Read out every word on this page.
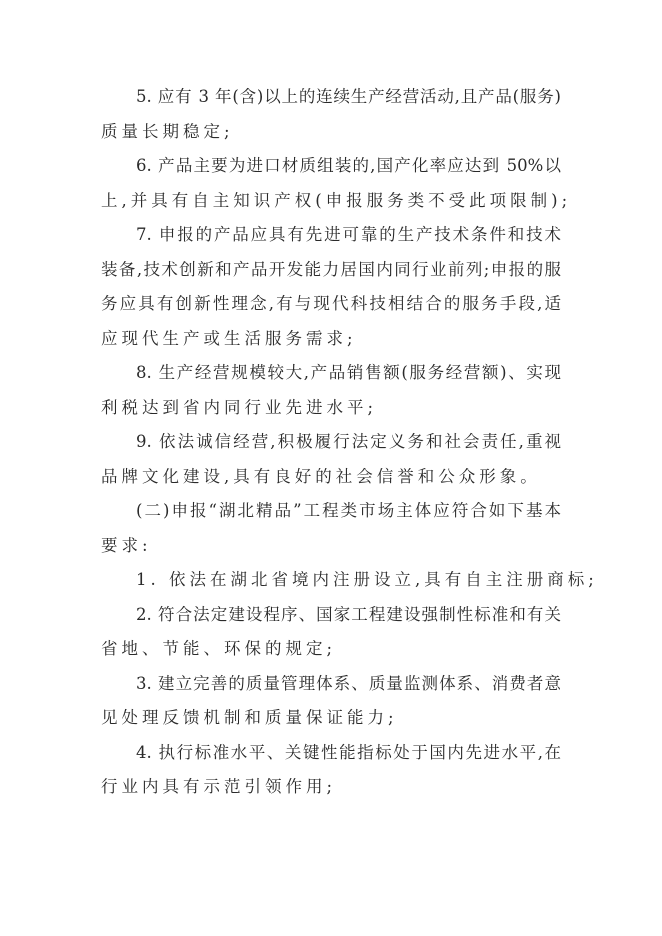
5. 应有 3 年(含)以上的连续生产经营活动,且产品(服务)
质量长期稳定;
6. 产品主要为进口材质组装的,国产化率应达到 50%以
上,并具有自主知识产权(申报服务类不受此项限制);
7. 申报的产品应具有先进可靠的生产技术条件和技术
装备,技术创新和产品开发能力居国内同行业前列;申报的服
务应具有创新性理念,有与现代科技相结合的服务手段,适
应现代生产或生活服务需求;
8. 生产经营规模较大,产品销售额(服务经营额)、实现
利税达到省内同行业先进水平;
9. 依法诚信经营,积极履行法定义务和社会责任,重视
品牌文化建设,具有良好的社会信誉和公众形象。
(二)申报“湖北精品”工程类市场主体应符合如下基本
要求:
1. 依法在湖北省境内注册设立,具有自主注册商标;
2. 符合法定建设程序、国家工程建设强制性标准和有关
省地、节能、环保的规定;
3. 建立完善的质量管理体系、质量监测体系、消费者意
见处理反馈机制和质量保证能力;
4. 执行标准水平、关键性能指标处于国内先进水平,在
行业内具有示范引领作用;
